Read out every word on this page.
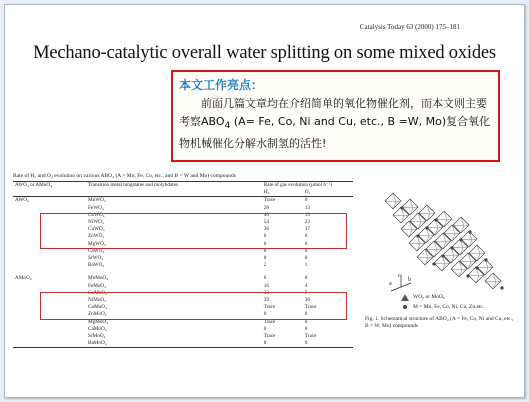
Catalysis Today 63 (2000) 175–181
Mechano-catalytic overall water splitting on some mixed oxides
本文工作亮点：
前面几篇文章均在介绍简单的氧化物催化剂，而本文则主要考察$ABO_4$ (A= Fe, Co, Ni and Cu, etc., B =W, Mo)复合氧化物机械催化分解水制氢的活性!
Rate of H₂ and O₂ evolution on various ABO₄ (A = Mn, Fe, Co, etc., and B = W and Mo) compounds
AWO₄ or AMoO₄	Transition metal tungstates and molybdates	Rate of gas evolution (µmol h⁻¹)	
		H₂	O₂
AWO₄	MnWO₄	Trace	0
	FeWO₄	28	13
	CoWO₄	40	19
	NiWO₄	54	23
	CuWO₄	36	17
	ZnWO₄	0	0
	MgWO₄	0	0
	CaWO₄	0	0
	SrWO₄	0	0
	BaWO₄	2	1

AMoO₄	MnMoO₄	0	0
	FeMoO₄	16	4
	CoMoO₄	13	7
	NiMoO₄	39	36
	CuMoO₄	Trace	Trace
	ZnMoO₄	0	0
	MgMoO₄	Trace	0
	CaMoO₄	0	0
	SrMoO₄	Trace	Trace
	BaMoO₄	0	0
c
b
a
WO₆ or MoO₆
M = Mn, Fe, Co, Ni, Cu, Zn.etc.
Fig. 1. Schematical structure of ABO₄ (A = Fe, Co, Ni and Cu, etc., B = W, Mo) compounds
